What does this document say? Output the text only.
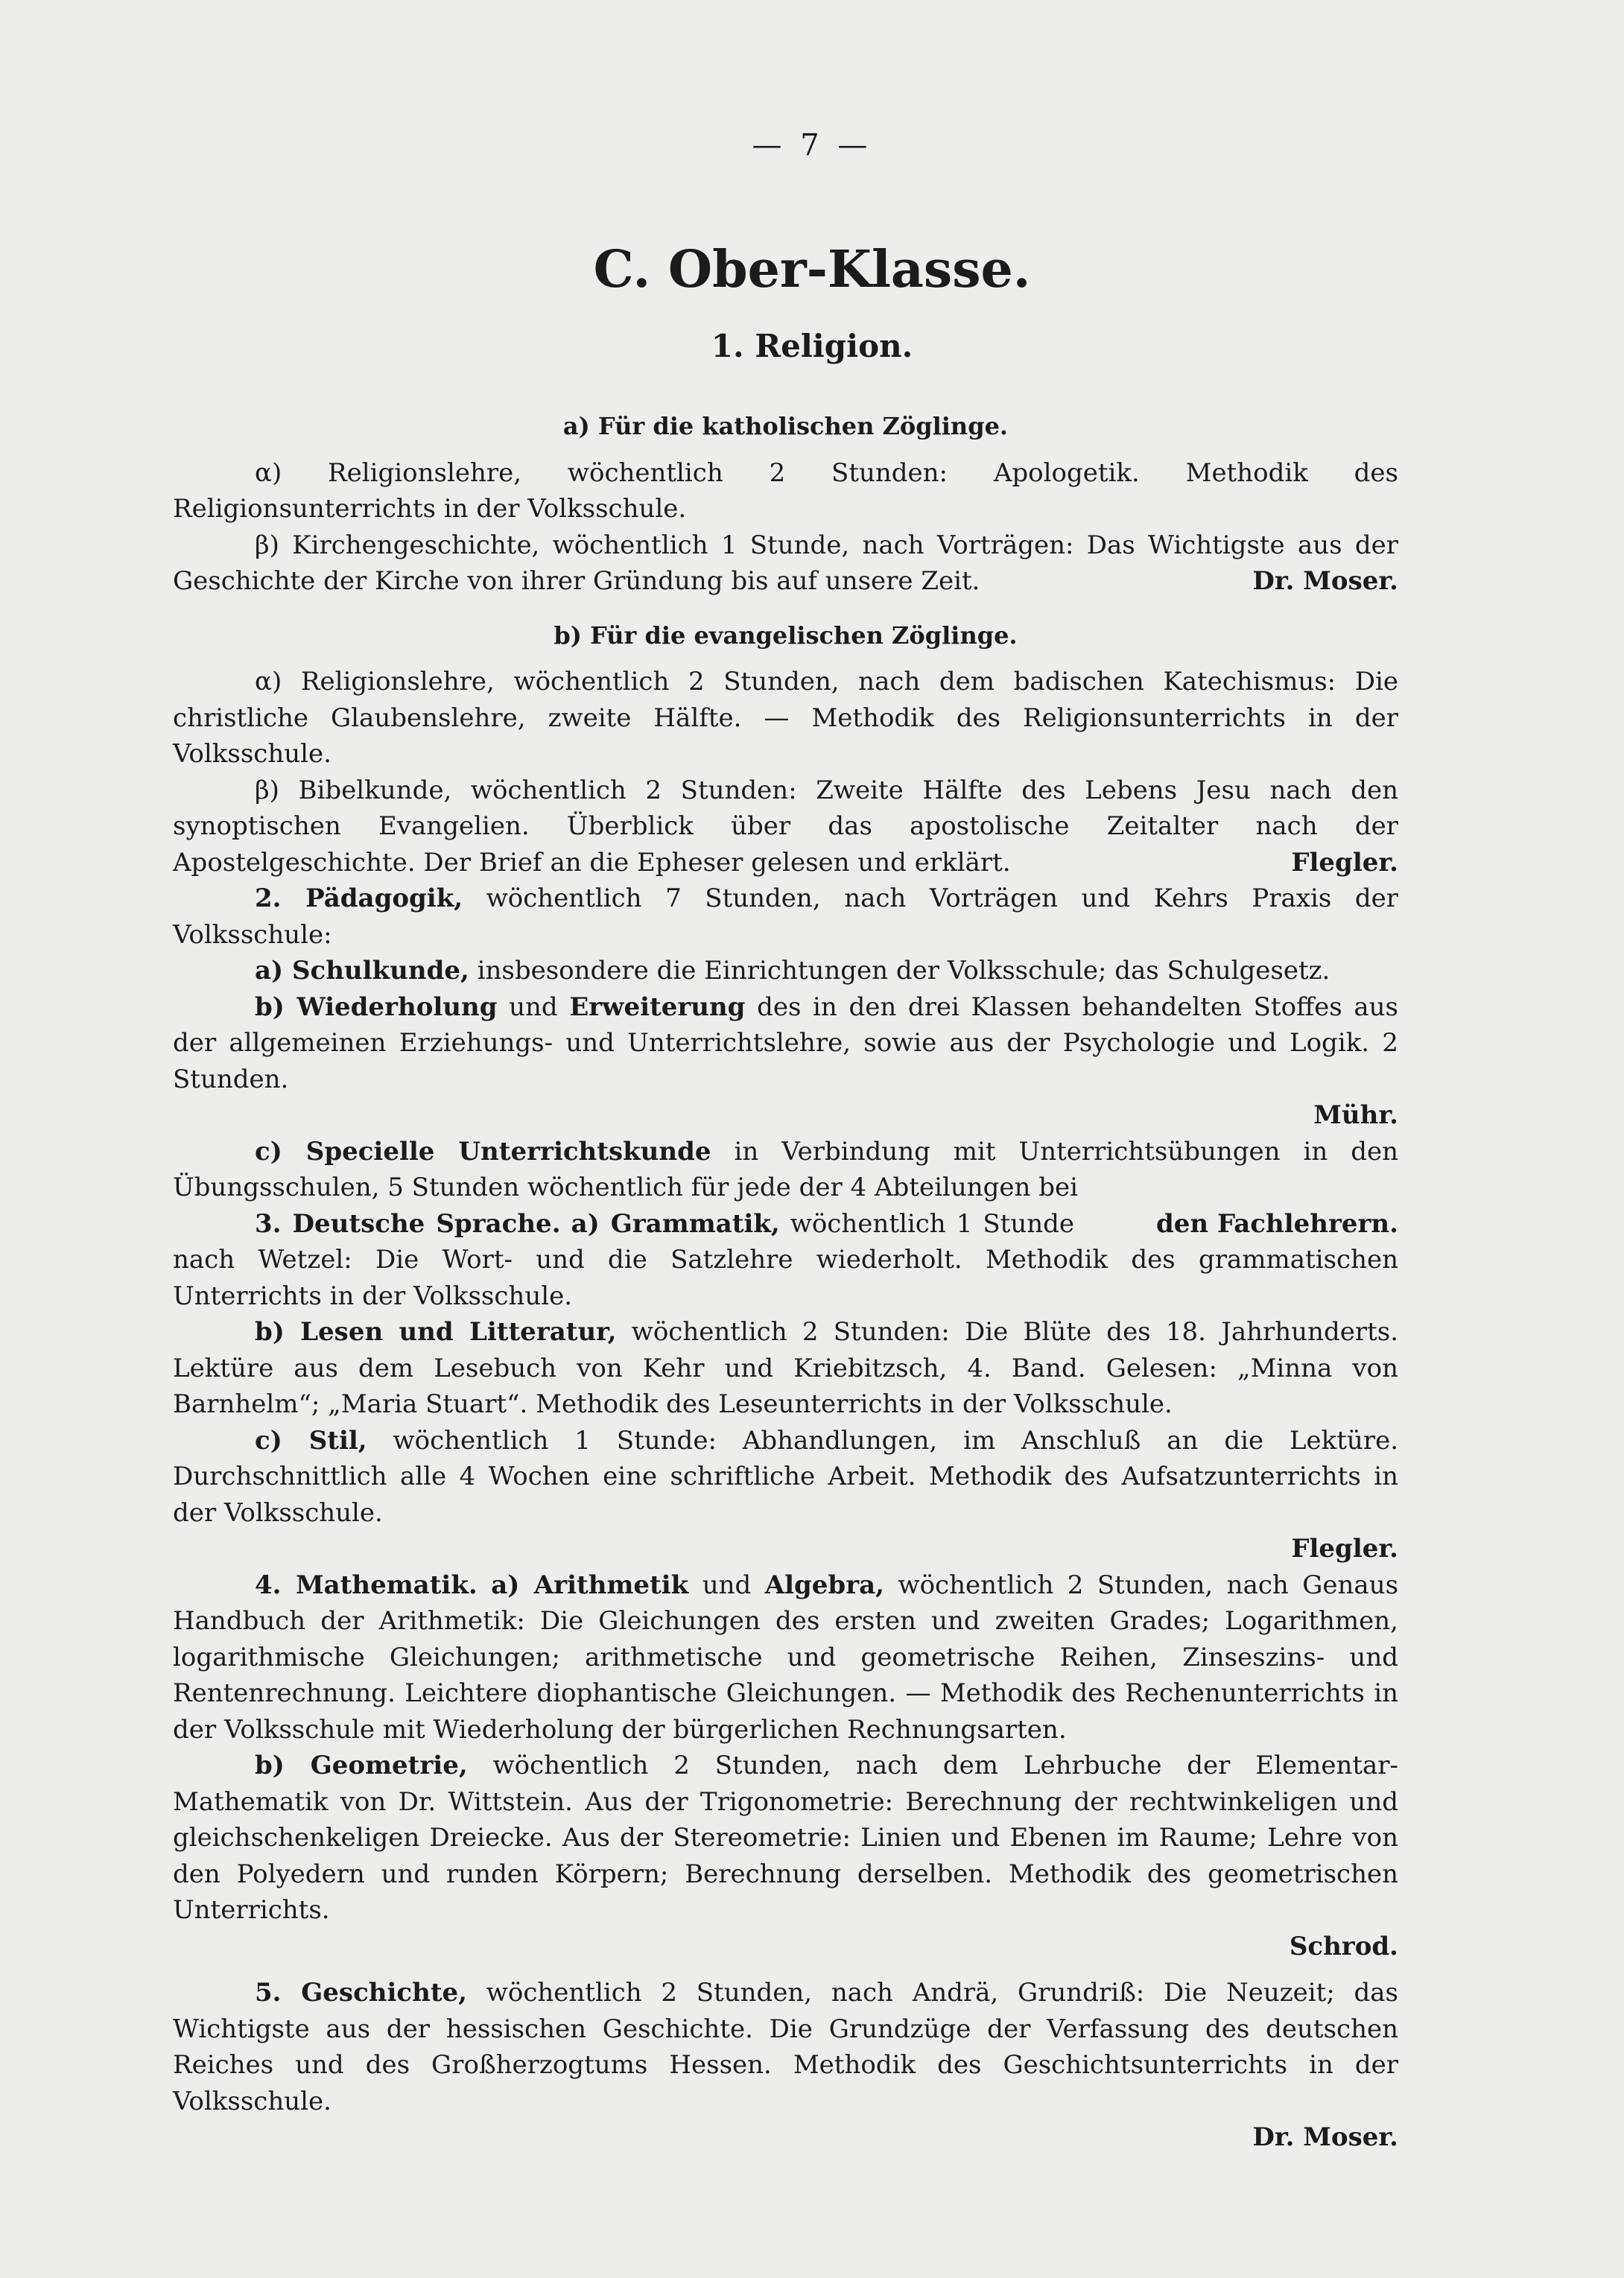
— 7 —
C. Ober-Klasse.
1. Religion.
a) Für die katholischen Zöglinge.

α) Religionslehre, wöchentlich 2 Stunden: Apologetik. Methodik des Religionsunterrichts in der Volksschule.

β) Kirchengeschichte, wöchentlich 1 Stunde, nach Vorträgen: Das Wichtigste aus der Geschichte der Kirche von ihrer Gründung bis auf unsere Zeit.	Dr. Moser.

b) Für die evangelischen Zöglinge.

α) Religionslehre, wöchentlich 2 Stunden, nach dem badischen Katechismus: Die christliche Glaubenslehre, zweite Hälfte. — Methodik des Religionsunterrichts in der Volksschule.

β) Bibelkunde, wöchentlich 2 Stunden: Zweite Hälfte des Lebens Jesu nach den synoptischen Evangelien. Überblick über das apostolische Zeitalter nach der Apostelgeschichte. Der Brief an die Epheser gelesen und erklärt.	Flegler.

2. Pädagogik, wöchentlich 7 Stunden, nach Vorträgen und Kehrs Praxis der Volksschule:

a) Schulkunde, insbesondere die Einrichtungen der Volksschule; das Schulgesetz.

b) Wiederholung und Erweiterung des in den drei Klassen behandelten Stoffes aus der allgemeinen Erziehungs- und Unterrichtslehre, sowie aus der Psychologie und Logik. 2 Stunden.

Mühr.

c) Specielle Unterrichtskunde in Verbindung mit Unterrichtsübungen in den Übungsschulen, 5 Stunden wöchentlich für jede der 4 Abteilungen bei
den Fachlehrern.

3. Deutsche Sprache. a) Grammatik, wöchentlich 1 Stunde nach Wetzel: Die Wort- und die Satzlehre wiederholt. Methodik des grammatischen Unterrichts in der Volksschule.

b) Lesen und Litteratur, wöchentlich 2 Stunden: Die Blüte des 18. Jahrhunderts. Lektüre aus dem Lesebuch von Kehr und Kriebitzsch, 4. Band. Gelesen: „Minna von Barnhelm“; „Maria Stuart“. Methodik des Leseunterrichts in der Volksschule.

c) Stil, wöchentlich 1 Stunde: Abhandlungen, im Anschluß an die Lektüre. Durchschnittlich alle 4 Wochen eine schriftliche Arbeit. Methodik des Aufsatzunterrichts in der Volksschule.

Flegler.

4. Mathematik. a) Arithmetik und Algebra, wöchentlich 2 Stunden, nach Genaus Handbuch der Arithmetik: Die Gleichungen des ersten und zweiten Grades; Logarithmen, logarithmische Gleichungen; arithmetische und geometrische Reihen, Zinseszins- und Rentenrechnung. Leichtere diophantische Gleichungen. — Methodik des Rechenunterrichts in der Volksschule mit Wiederholung der bürgerlichen Rechnungsarten.

b) Geometrie, wöchentlich 2 Stunden, nach dem Lehrbuche der Elementar-Mathematik von Dr. Wittstein. Aus der Trigonometrie: Berechnung der rechtwinkeligen und gleichschenkeligen Dreiecke. Aus der Stereometrie: Linien und Ebenen im Raume; Lehre von den Polyedern und runden Körpern; Berechnung derselben. Methodik des geometrischen Unterrichts.

Schrod.

5. Geschichte, wöchentlich 2 Stunden, nach Andrä, Grundriß: Die Neuzeit; das Wichtigste aus der hessischen Geschichte. Die Grundzüge der Verfassung des deutschen Reiches und des Großherzogtums Hessen. Methodik des Geschichtsunterrichts in der Volksschule.

Dr. Moser.
